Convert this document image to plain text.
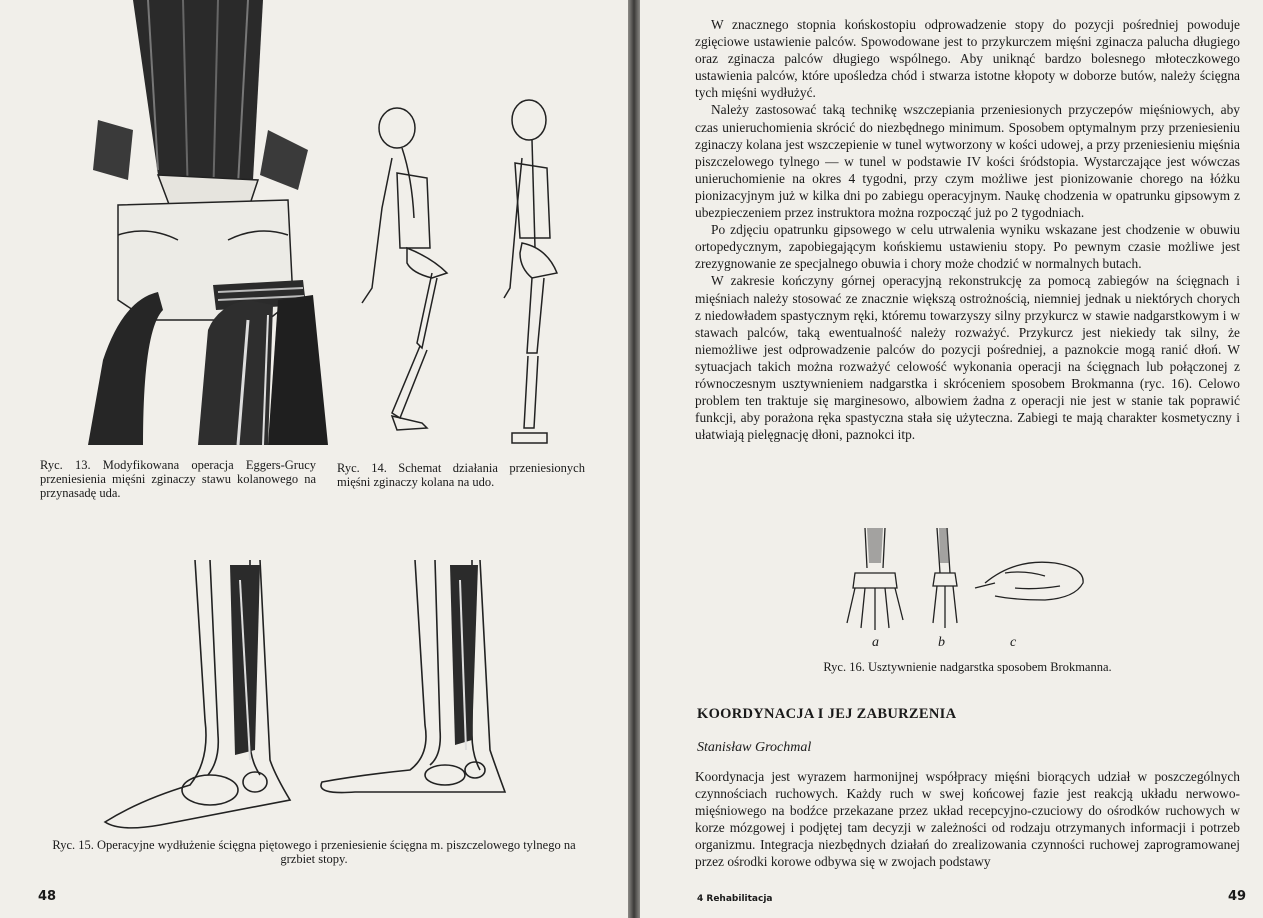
Ryc. 13. Modyfikowana operacja Eggers-Grucy przeniesienia mięśni zginaczy stawu kolanowego na przynasadę uda.
Ryc. 14. Schemat działania przeniesionych mięśni zginaczy kolana na udo.
Ryc. 15. Operacyjne wydłużenie ścięgna piętowego i przeniesienie ścięgna m. piszczelowego tylnego na grzbiet stopy.
48

W znacznego stopnia końskostopiu odprowadzenie stopy do pozycji pośredniej powoduje zgięciowe ustawienie palców. Spowodowane jest to przykurczem mięśni zginacza palucha długiego oraz zginacza palców długiego wspólnego. Aby uniknąć bardzo bolesnego młoteczkowego ustawienia palców, które upośledza chód i stwarza istotne kłopoty w doborze butów, należy ścięgna tych mięśni wydłużyć.

Należy zastosować taką technikę wszczepiania przeniesionych przyczepów mięśniowych, aby czas unieruchomienia skrócić do niezbędnego minimum. Sposobem optymalnym przy przeniesieniu zginaczy kolana jest wszczepienie w tunel wytworzony w kości udowej, a przy przeniesieniu mięśnia piszczelowego tylnego — w tunel w podstawie IV kości śródstopia. Wystarczające jest wówczas unieruchomienie na okres 4 tygodni, przy czym możliwe jest pionizowanie chorego na łóżku pionizacyjnym już w kilka dni po zabiegu operacyjnym. Naukę chodzenia w opatrunku gipsowym z ubezpieczeniem przez instruktora można rozpocząć już po 2 tygodniach.

Po zdjęciu opatrunku gipsowego w celu utrwalenia wyniku wskazane jest chodzenie w obuwiu ortopedycznym, zapobiegającym końskiemu ustawieniu stopy. Po pewnym czasie możliwe jest zrezygnowanie ze specjalnego obuwia i chory może chodzić w normalnych butach.

W zakresie kończyny górnej operacyjną rekonstrukcję za pomocą zabiegów na ścięgnach i mięśniach należy stosować ze znacznie większą ostrożnością, niemniej jednak u niektórych chorych z niedowładem spastycznym ręki, któremu towarzyszy silny przykurcz w stawie nadgarstkowym i w stawach palców, taką ewentualność należy rozważyć. Przykurcz jest niekiedy tak silny, że niemożliwe jest odprowadzenie palców do pozycji pośredniej, a paznokcie mogą ranić dłoń. W sytuacjach takich można rozważyć celowość wykonania operacji na ścięgnach lub połączonej z równoczesnym usztywnieniem nadgarstka i skróceniem sposobem Brokmanna (ryc. 16). Celowo problem ten traktuje się marginesowo, albowiem żadna z operacji nie jest w stanie tak poprawić funkcji, aby porażona ręka spastyczna stała się użyteczna. Zabiegi te mają charakter kosmetyczny i ułatwiają pielęgnację dłoni, paznokci itp.

a	b	c
Ryc. 16. Usztywnienie nadgarstka sposobem Brokmanna.
KOORDYNACJA I JEJ ZABURZENIA
Stanisław Grochmal

Koordynacja jest wyrazem harmonijnej współpracy mięśni biorących udział w poszczególnych czynnościach ruchowych. Każdy ruch w swej końcowej fazie jest reakcją układu nerwowo-mięśniowego na bodźce przekazane przez układ recepcyjno-czuciowy do ośrodków ruchowych w korze mózgowej i podjętej tam decyzji w zależności od rodzaju otrzymanych informacji i potrzeb organizmu. Integracja niezbędnych działań do zrealizowania czynności ruchowej zaprogramowanej przez ośrodki korowe odbywa się w zwojach podstawy

4 Rehabilitacja	49
